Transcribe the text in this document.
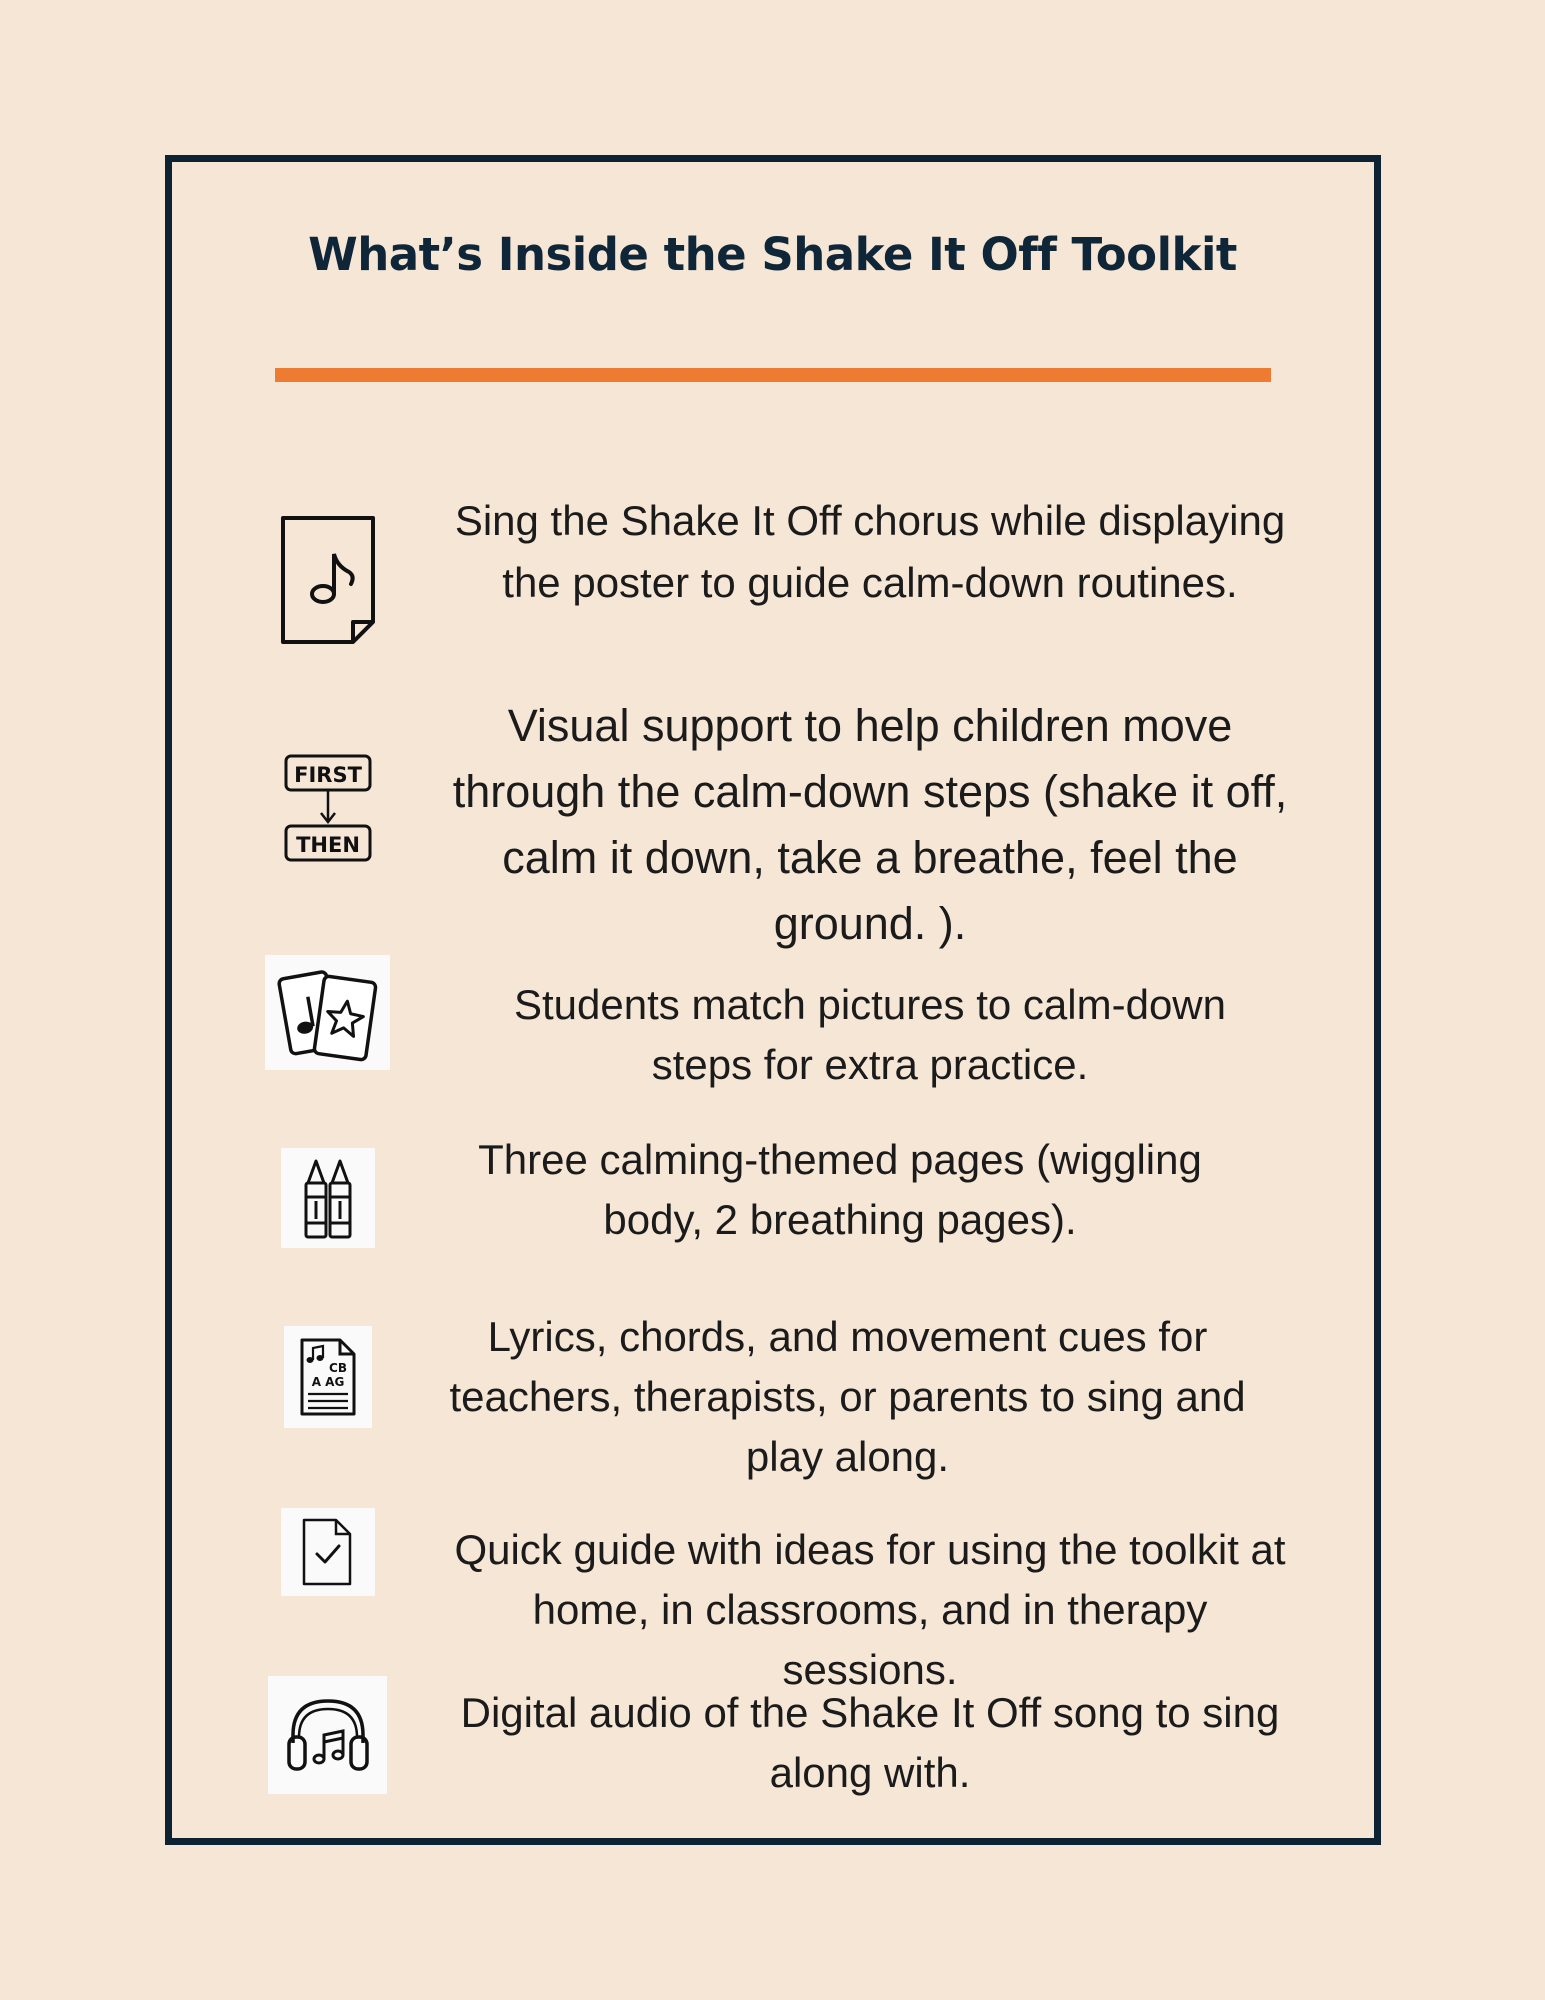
What’s Inside the Shake It Off Toolkit
Sing the Shake It Off chorus while displaying the poster to guide calm-down routines.
FIRST
THEN
Visual support to help children move through the calm-down steps (shake it off, calm it down, take a breathe, feel the ground. ).
Students match pictures to calm-down steps for extra practice.
Three calming-themed pages (wiggling body, 2 breathing pages).
CB
A AG
Lyrics, chords, and movement cues for teachers, therapists, or parents to sing and play along.
Quick guide with ideas for using the toolkit at home, in classrooms, and in therapy sessions.
Digital audio of the Shake It Off song to sing along with.
